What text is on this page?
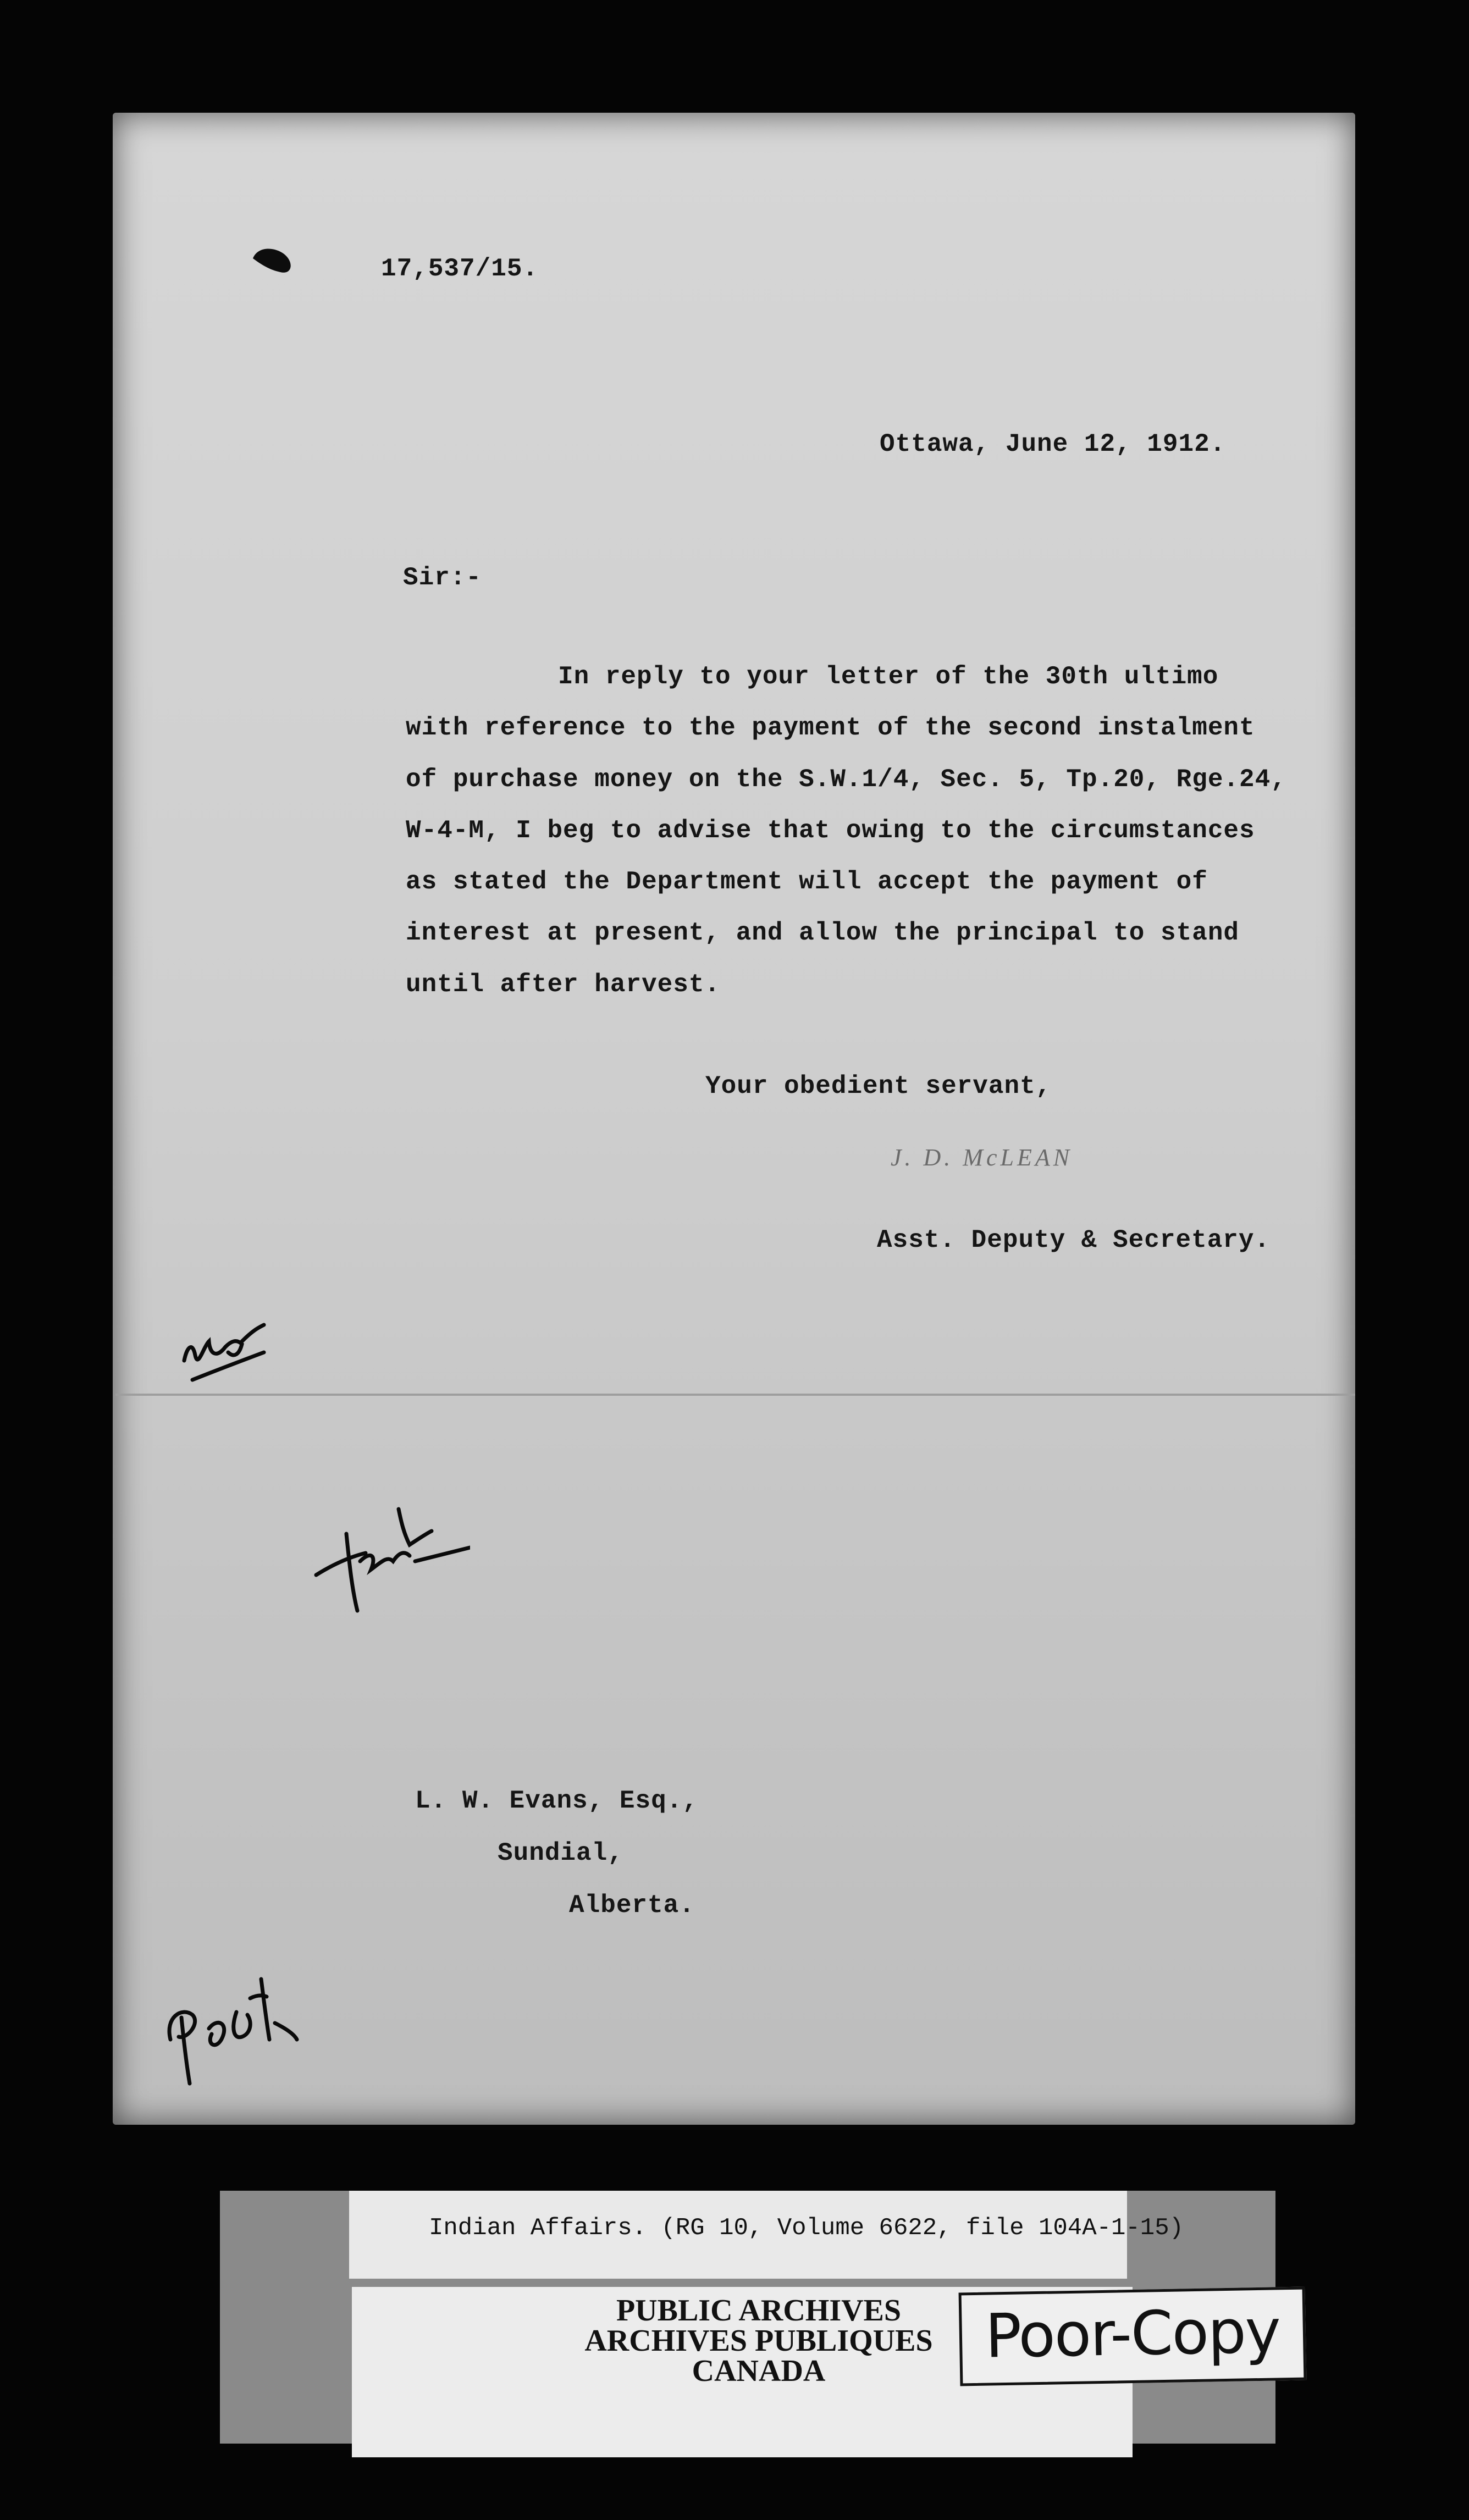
17,537/15.
Ottawa, June 12, 1912.
Sir:-
In reply to your letter of the 30th ultimo
with reference to the payment of the second instalment
of purchase money on the S.W.1/4, Sec. 5, Tp.20, Rge.24,
W-4-M, I beg to advise that owing to the circumstances
as stated the Department will accept the payment of
interest at present, and allow the principal to stand
until after harvest.
Your obedient servant,
J. D. McLEAN
Asst. Deputy & Secretary.
L. W. Evans, Esq.,
Sundial,
Alberta.
Indian Affairs. (RG 10, Volume 6622, file 104A-1-15)
PUBLIC ARCHIVES
ARCHIVES PUBLIQUES
CANADA	Poor-Copy
